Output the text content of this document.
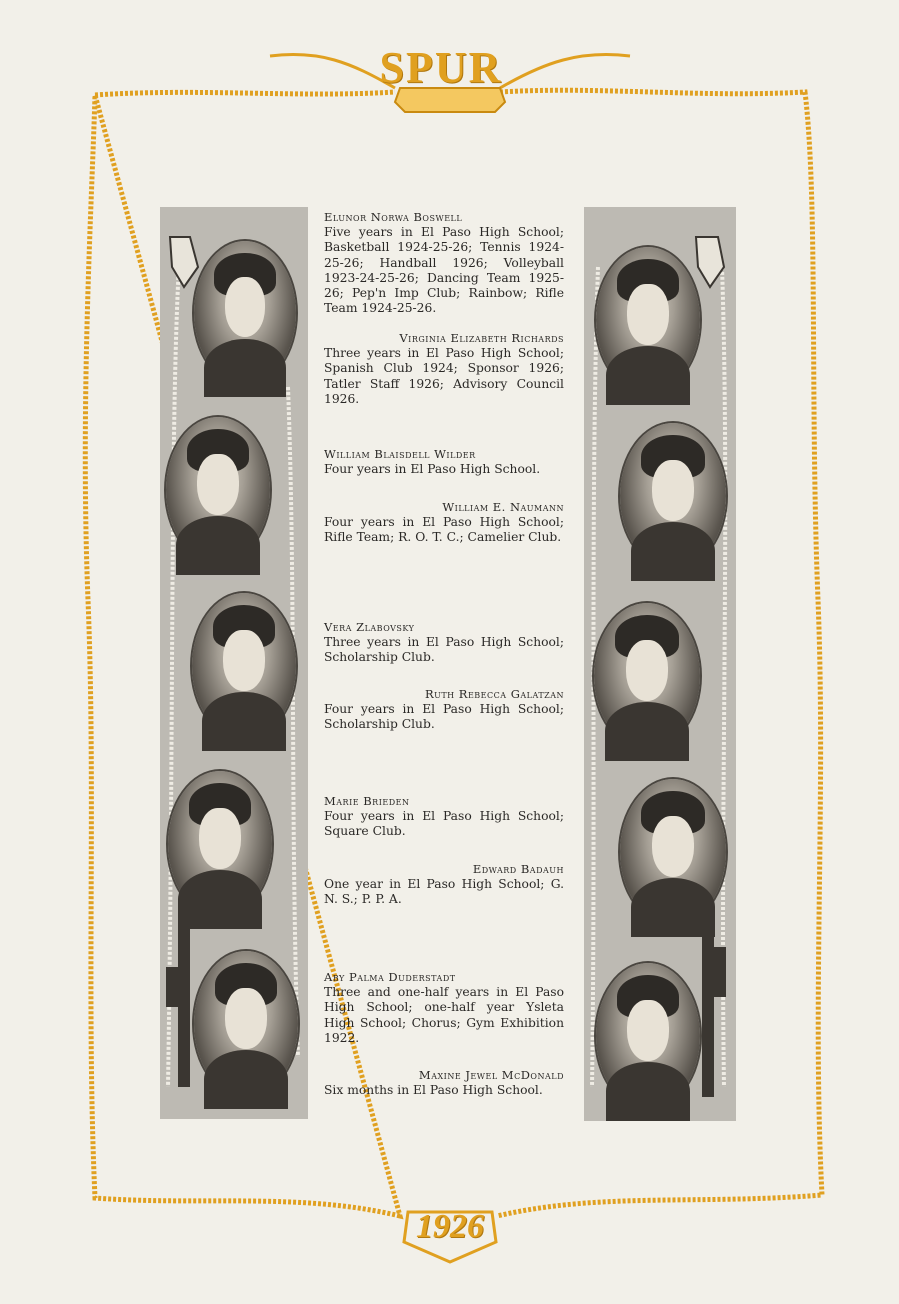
SPUR
1926
Elunor Norwa Boswell

Five years in El Paso High School; Basketball 1924-25-26; Tennis 1924-25-26; Handball 1926; Volleyball 1923-24-25-26; Dancing Team 1925-26; Pep'n Imp Club; Rainbow; Rifle Team 1924-25-26.

Virginia Elizabeth Richards

Three years in El Paso High School; Spanish Club 1924; Sponsor 1926; Tatler Staff 1926; Advisory Council 1926.

William Blaisdell Wilder

Four years in El Paso High School.

William E. Naumann

Four years in El Paso High School; Rifle Team; R. O. T. C.; Camelier Club.

Vera Zlabovsky

Three years in El Paso High School; Scholarship Club.

Ruth Rebecca Galatzan

Four years in El Paso High School; Scholarship Club.

Marie Brieden

Four years in El Paso High School; Square Club.

Edward Badauh

One year in El Paso High School; G. N. S.; P. P. A.

Aby Palma Duderstadt

Three and one-half years in El Paso High School; one-half year Ysleta High School; Chorus; Gym Exhibition 1922.

Maxine Jewel McDonald

Six months in El Paso High School.
